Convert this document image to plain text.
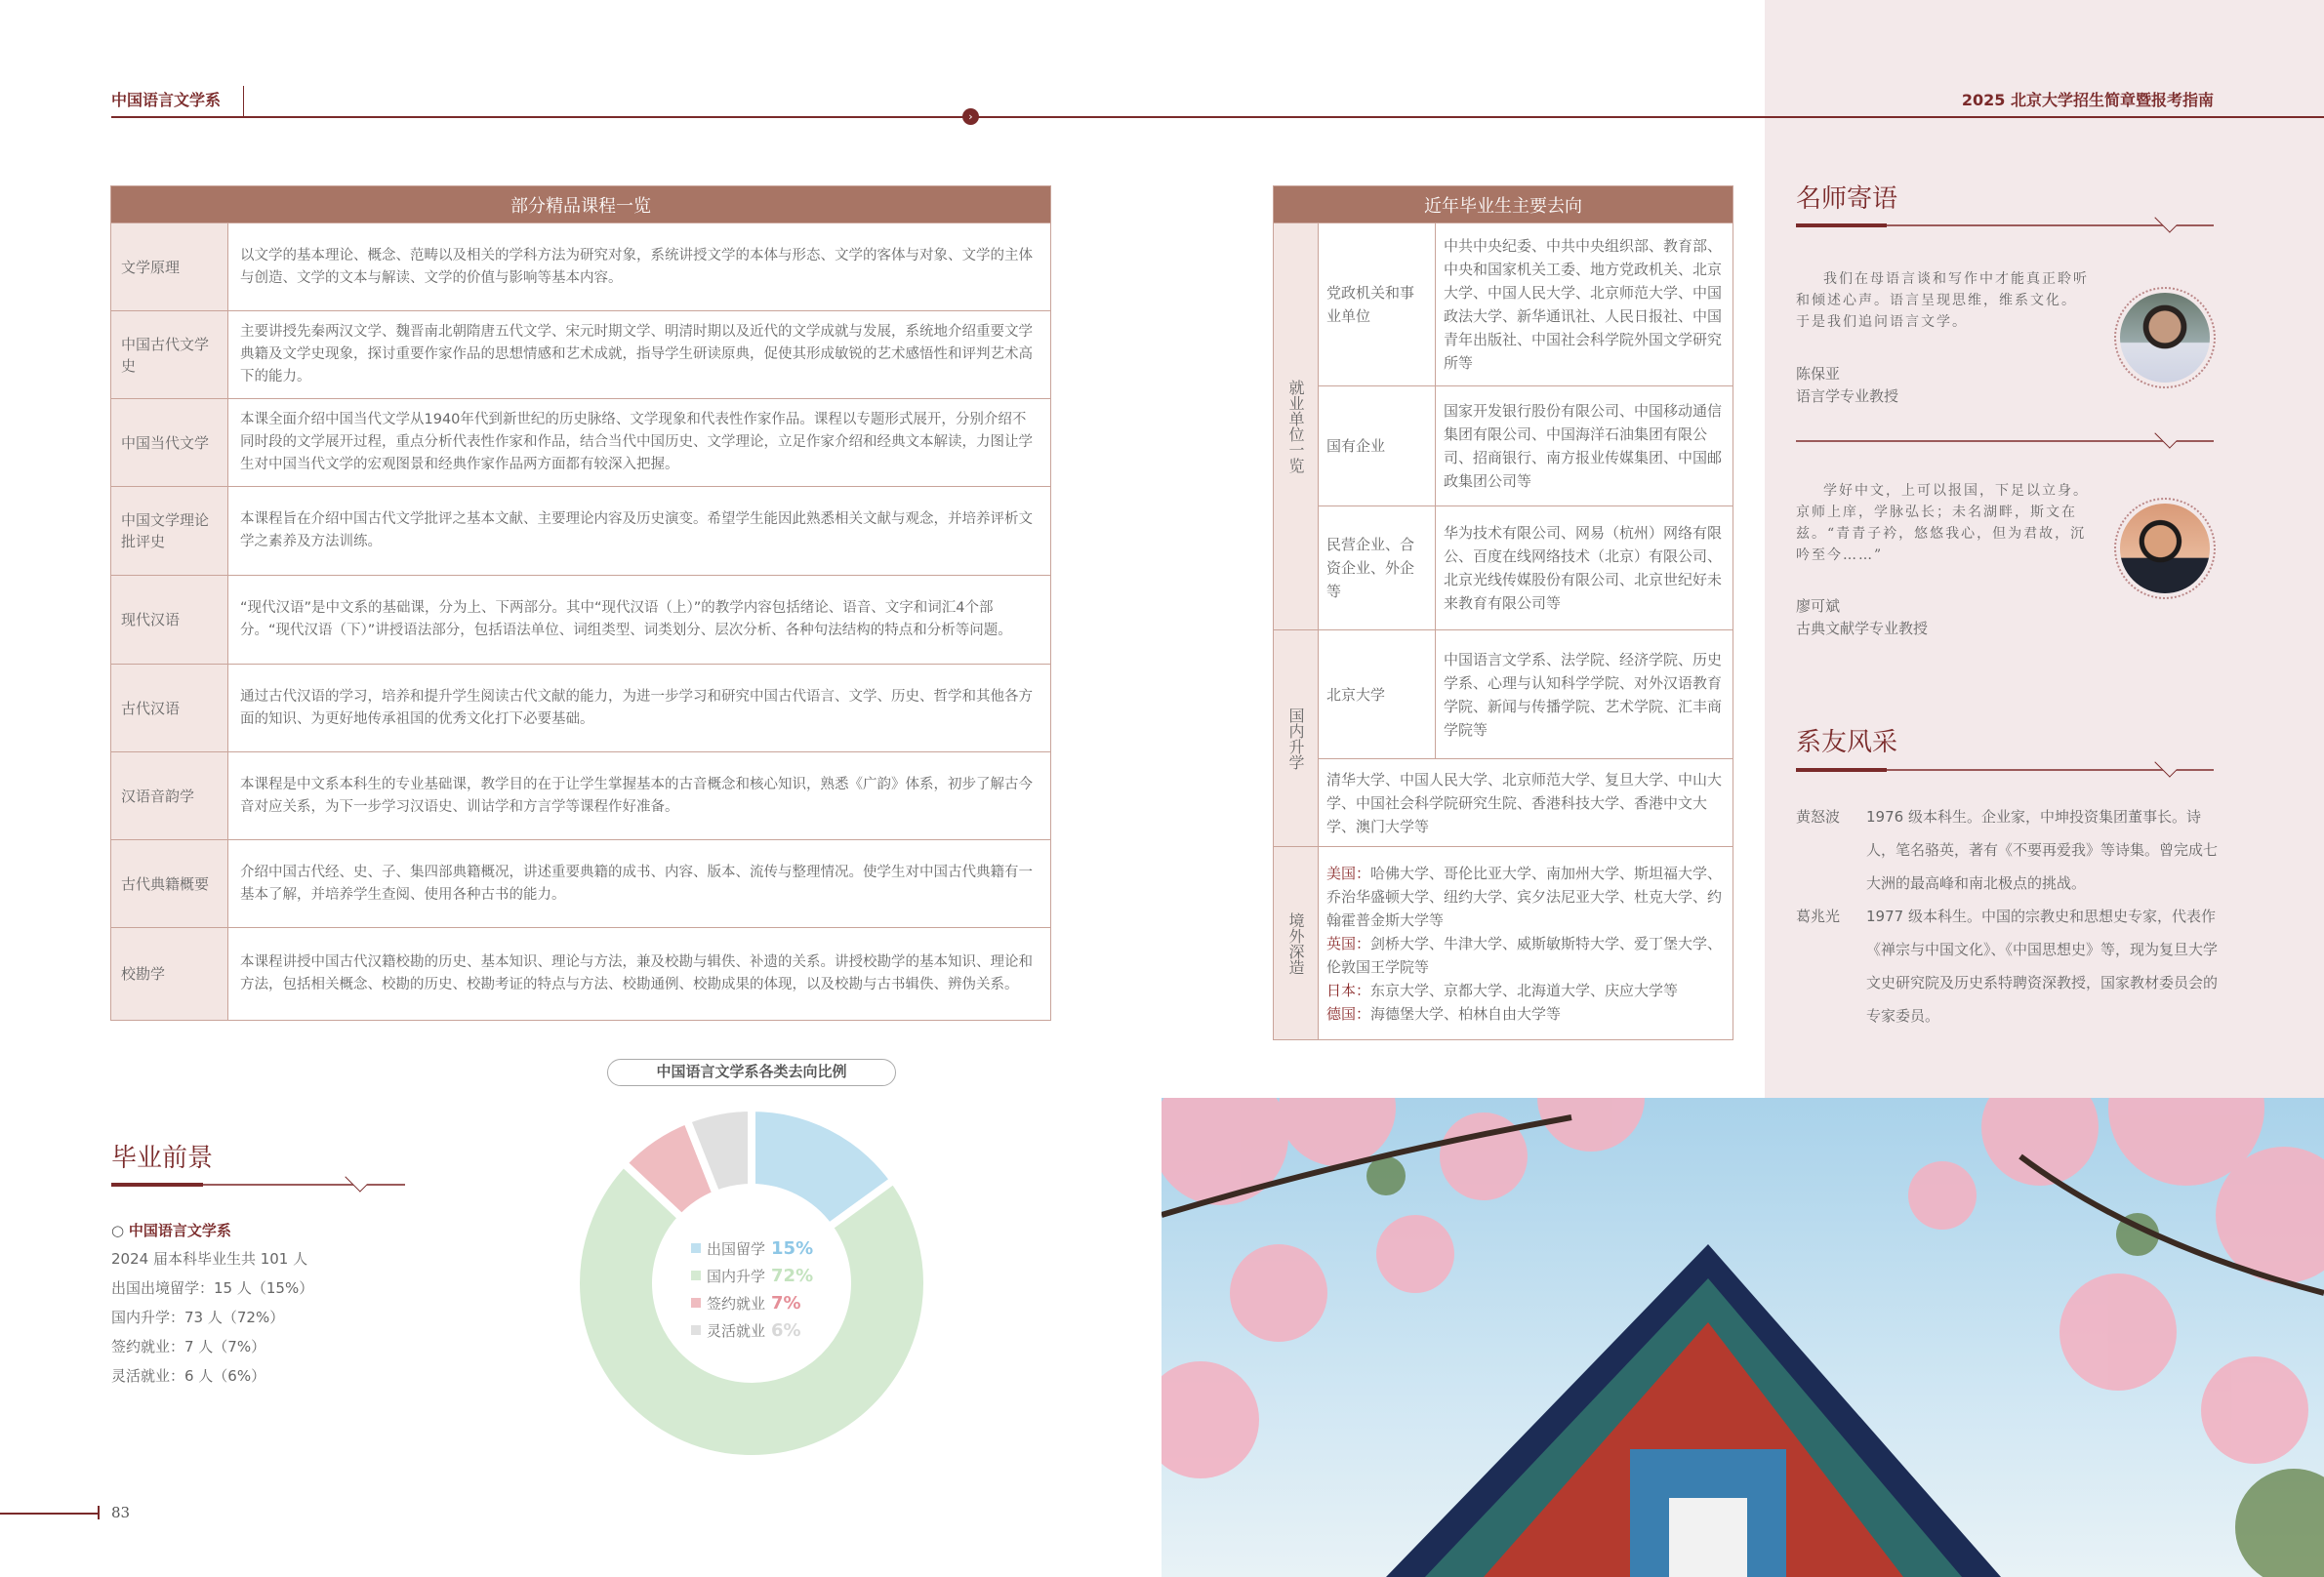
中国语言文学系
›
2025 北京大学招生简章暨报考指南
部分精品课程一览	
文学原理	以文学的基本理论、概念、范畴以及相关的学科方法为研究对象，系统讲授文学的本体与形态、文学的客体与对象、文学的主体与创造、文学的文本与解读、文学的价值与影响等基本内容。
中国古代文学史	主要讲授先秦两汉文学、魏晋南北朝隋唐五代文学、宋元时期文学、明清时期以及近代的文学成就与发展，系统地介绍重要文学典籍及文学史现象，探讨重要作家作品的思想情感和艺术成就，指导学生研读原典，促使其形成敏锐的艺术感悟性和评判艺术高下的能力。
中国当代文学	本课全面介绍中国当代文学从1940年代到新世纪的历史脉络、文学现象和代表性作家作品。课程以专题形式展开，分别介绍不同时段的文学展开过程，重点分析代表性作家和作品，结合当代中国历史、文学理论，立足作家介绍和经典文本解读，力图让学生对中国当代文学的宏观图景和经典作家作品两方面都有较深入把握。
中国文学理论批评史	本课程旨在介绍中国古代文学批评之基本文献、主要理论内容及历史演变。希望学生能因此熟悉相关文献与观念，并培养评析文学之素养及方法训练。
现代汉语	“现代汉语”是中文系的基础课，分为上、下两部分。其中“现代汉语（上）”的教学内容包括绪论、语音、文字和词汇4个部分。“现代汉语（下）”讲授语法部分，包括语法单位、词组类型、词类划分、层次分析、各种句法结构的特点和分析等问题。
古代汉语	通过古代汉语的学习，培养和提升学生阅读古代文献的能力，为进一步学习和研究中国古代语言、文学、历史、哲学和其他各方面的知识、为更好地传承祖国的优秀文化打下必要基础。
汉语音韵学	本课程是中文系本科生的专业基础课，教学目的在于让学生掌握基本的古音概念和核心知识，熟悉《广韵》体系，初步了解古今音对应关系，为下一步学习汉语史、训诂学和方言学等课程作好准备。
古代典籍概要	介绍中国古代经、史、子、集四部典籍概况，讲述重要典籍的成书、内容、版本、流传与整理情况。使学生对中国古代典籍有一基本了解，并培养学生查阅、使用各种古书的能力。
校勘学	本课程讲授中国古代汉籍校勘的历史、基本知识、理论与方法，兼及校勘与辑佚、补遗的关系。讲授校勘学的基本知识、理论和方法，包括相关概念、校勘的历史、校勘考证的特点与方法、校勘通例、校勘成果的体现，以及校勘与古书辑佚、辨伪关系。
近年毕业生主要去向		
就业单位一览	党政机关和事业单位	中共中央纪委、中共中央组织部、教育部、中央和国家机关工委、地方党政机关、北京大学、中国人民大学、北京师范大学、中国政法大学、新华通讯社、人民日报社、中国青年出版社、中国社会科学院外国文学研究所等
	国有企业	国家开发银行股份有限公司、中国移动通信集团有限公司、中国海洋石油集团有限公司、招商银行、南方报业传媒集团、中国邮政集团公司等
	民营企业、合资企业、外企等	华为技术有限公司、网易（杭州）网络有限公、百度在线网络技术（北京）有限公司、北京光线传媒股份有限公司、北京世纪好未来教育有限公司等
国内升学	北京大学	中国语言文学系、法学院、经济学院、历史学系、心理与认知科学学院、对外汉语教育学院、新闻与传播学院、艺术学院、汇丰商学院等
	清华大学、中国人民大学、北京师范大学、复旦大学、中山大学、中国社会科学院研究生院、香港科技大学、香港中文大学、澳门大学等	
境外深造	美国：哈佛大学、哥伦比亚大学、南加州大学、斯坦福大学、乔治华盛顿大学、纽约大学、宾夕法尼亚大学、杜克大学、约翰霍普金斯大学等
英国：剑桥大学、牛津大学、威斯敏斯特大学、爱丁堡大学、伦敦国王学院等
日本：东京大学、京都大学、北海道大学、庆应大学等
德国：海德堡大学、柏林自由大学等	
名师寄语
我们在母语言谈和写作中才能真正聆听和倾述心声。语言呈现思维，维系文化。于是我们追问语言文学。
陈保亚
语言学专业教授
学好中文，上可以报国，下足以立身。京师上庠，学脉弘长；未名湖畔，斯文在兹。“青青子衿，悠悠我心，但为君故，沉吟至今……”
廖可斌
古典文献学专业教授
系友风采
黄怒波 1976 级本科生。企业家，中坤投资集团董事长。诗人，笔名骆英，著有《不要再爱我》等诗集。曾完成七大洲的最高峰和南北极点的挑战。
葛兆光 1977 级本科生。中国的宗教史和思想史专家，代表作《禅宗与中国文化》、《中国思想史》等，现为复旦大学文史研究院及历史系特聘资深教授，国家教材委员会的专家委员。
毕业前景
○ 中国语言文学系
2024 届本科毕业生共 101 人
出国出境留学：15 人（15%）
国内升学：73 人（72%）
签约就业：7 人（7%）
灵活就业：6 人（6%）
中国语言文学系各类去向比例
出国留学 15%
国内升学 72%
签约就业 7%
灵活就业 6%
83
